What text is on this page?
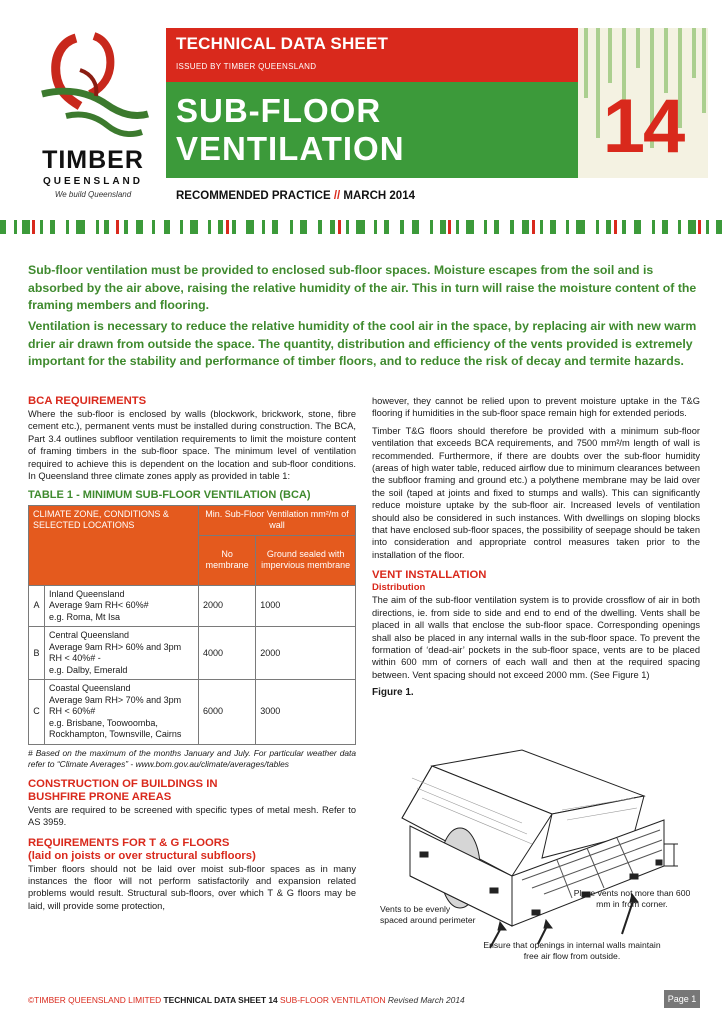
TIMBER
QUEENSLAND
We build Queensland
TECHNICAL DATA SHEET
ISSUED BY TIMBER QUEENSLAND
SUB-FLOOR
VENTILATION	14
RECOMMENDED PRACTICE // MARCH 2014

Sub-floor ventilation must be provided to enclosed sub-floor spaces. Moisture escapes from the soil and is absorbed by the air above, raising the relative humidity of the air. This in turn will raise the moisture content of the framing members and flooring.

Ventilation is necessary to reduce the relative humidity of the cool air in the space, by replacing air with new warm drier air drawn from outside the space. The quantity, distribution and efficiency of the vents provided is extremely important for the stability and performance of timber floors, and to reduce the risk of decay and termite hazards.

BCA REQUIREMENTS

Where the sub-floor is enclosed by walls (blockwork, brickwork, stone, fibre cement etc.), permanent vents must be installed during construction. The BCA, Part 3.4 outlines subfloor ventilation requirements to limit the moisture content of framing timbers in the sub-floor space. The minimum level of ventilation required to achieve this is dependent on the location and sub-floor conditions. In Queensland three climate zones apply as provided in table 1:

TABLE 1 - MINIMUM SUB-FLOOR VENTILATION (BCA)
CLIMATE ZONE, CONDITIONS & SELECTED LOCATIONS		Min. Sub-Floor Ventilation mm²/m of wall	
		No membrane	Ground sealed with impervious membrane
A	Inland Queensland
Average 9am RH< 60%#
e.g. Roma, Mt Isa	2000	1000
B	Central Queensland
Average 9am RH> 60% and 3pm RH < 40%# -
e.g. Dalby, Emerald	4000	2000
C	Coastal Queensland
Average 9am RH> 70% and 3pm RH < 60%#
e.g. Brisbane, Toowoomba, Rockhampton, Townsville, Cairns	6000	3000

# Based on the maximum of the months January and July. For particular weather data refer to “Climate Averages” - www.bom.gov.au/climate/averages/tables

CONSTRUCTION OF BUILDINGS IN
BUSHFIRE PRONE AREAS

Vents are required to be screened with specific types of metal mesh. Refer to AS 3959.

REQUIREMENTS FOR T & G FLOORS
(laid on joists or over structural subfloors)

Timber floors should not be laid over moist sub-floor spaces as in many instances the floor will not perform satisfactorily and expansion related problems would result. Structural sub-floors, over which T & G floors may be laid, will provide some protection,

however, they cannot be relied upon to prevent moisture uptake in the T&G flooring if humidities in the sub-floor space remain high for extended periods.

Timber T&G floors should therefore be provided with a minimum sub-floor ventilation that exceeds BCA requirements, and 7500 mm²/m length of wall is recommended. Furthermore, if there are doubts over the sub-floor humidity (areas of high water table, reduced airflow due to minimum clearances between the subfloor framing and ground etc.) a polythene membrane may be laid over the soil (taped at joints and fixed to stumps and walls). This can significantly reduce moisture uptake by the sub-floor air. Increased levels of ventilation should also be considered in such instances. With dwellings on sloping blocks that have enclosed sub-floor spaces, the possibility of seepage should be taken into consideration and appropriate control measures taken prior to the installation of the floor.

VENT INSTALLATION
Distribution

The aim of the sub-floor ventilation system is to provide crossflow of air in both directions, ie. from side to side and end to end of the dwelling. Vents shall be placed in all walls that enclose the sub-floor space. Corresponding openings shall also be placed in any internal walls in the sub-floor space. To prevent the formation of ‘dead-air’ pockets in the sub-floor space, vents are to be placed within 600 mm of corners of each wall and then at the required spacing between. Vent spacing should not exceed 2000 mm. (See Figure 1)

Figure 1.
Place vents not more than 600 mm in from corner.
Vents to be evenly spaced around perimeter
Ensure that openings in internal walls maintain free air flow from outside.
©TIMBER QUEENSLAND LIMITED TECHNICAL DATA SHEET 14 SUB-FLOOR VENTILATION Revised March 2014	Page 1
